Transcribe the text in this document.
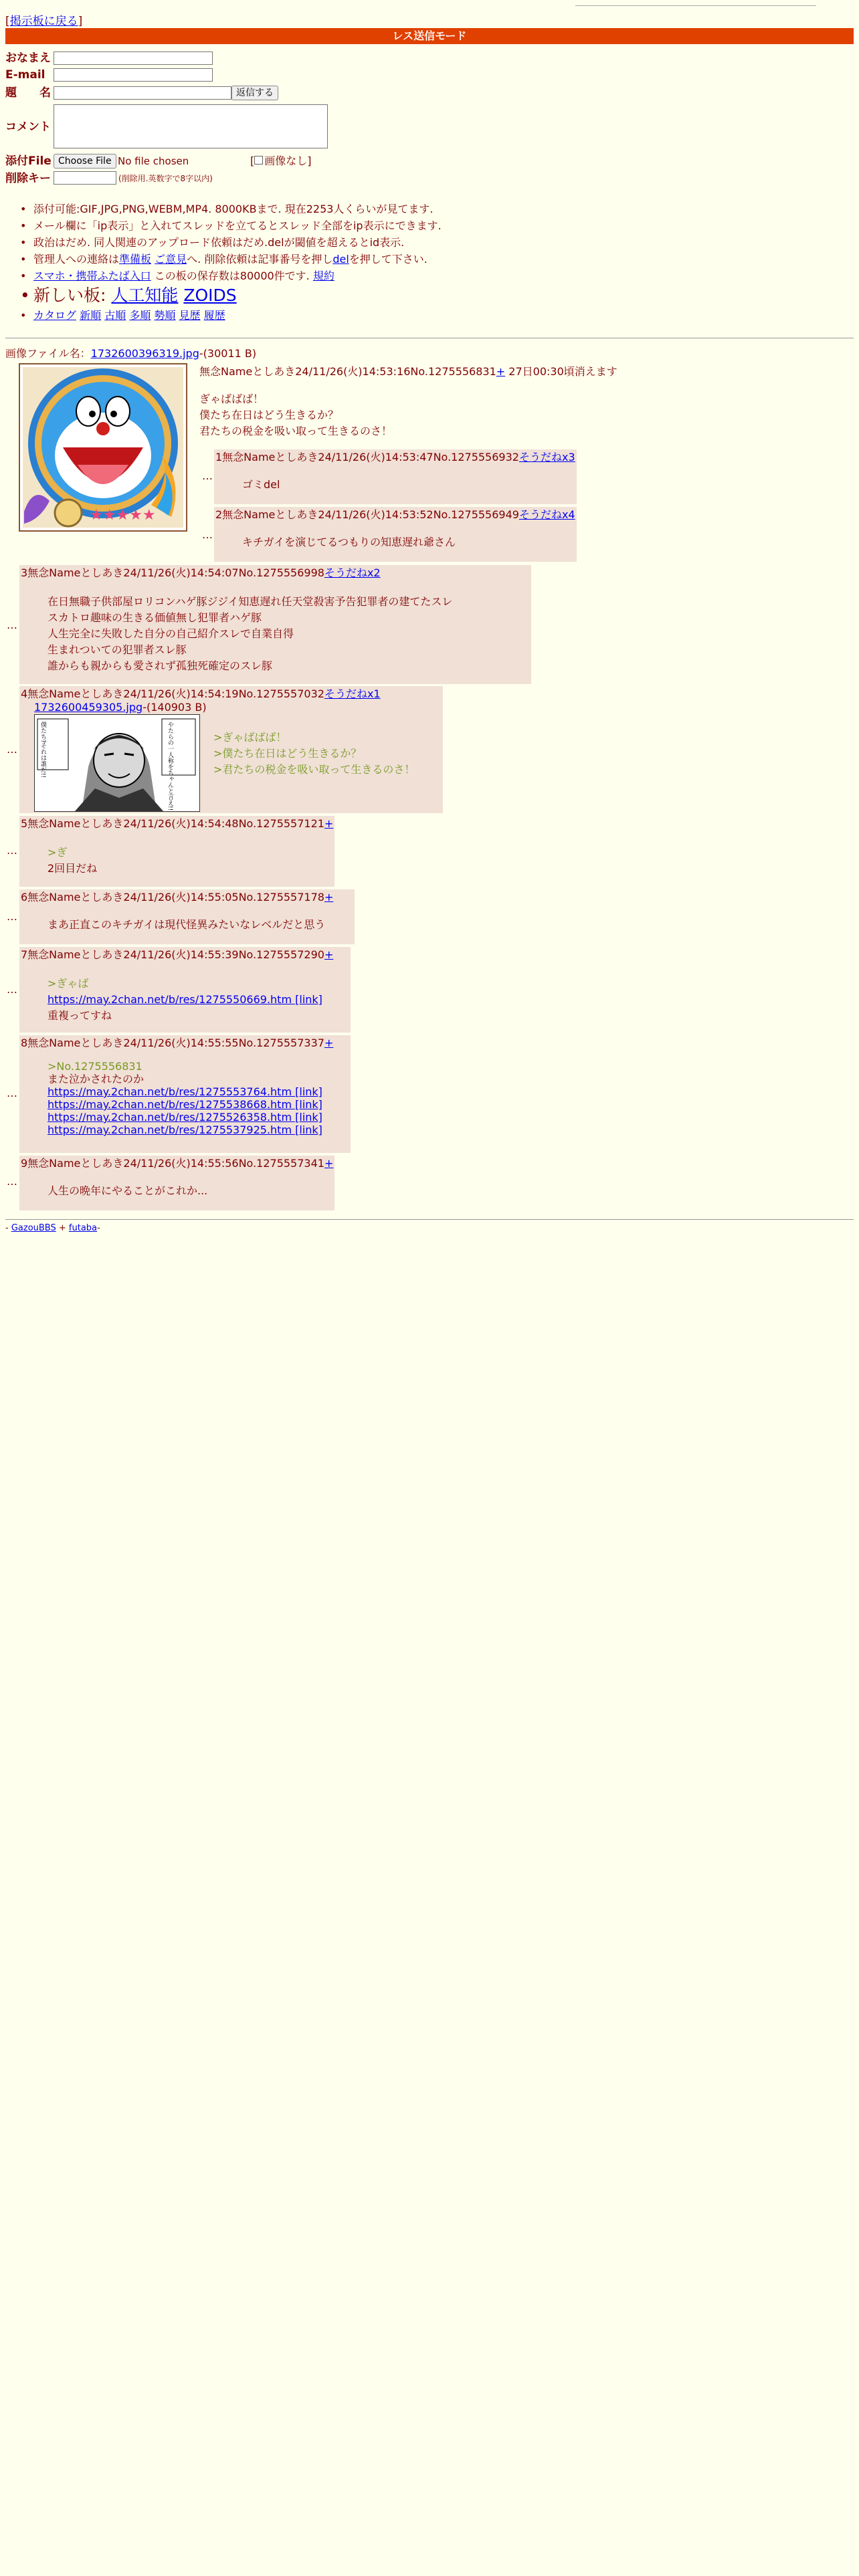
[掲示板に戻る]
レス送信モード
おなまえ
E-mail
題　　名	返信する
コメント
添付File Choose File No file chosen	[ 画像なし]
削除キー	(削除用.英数字で8字以内)
• 添付可能:GIF,JPG,PNG,WEBM,MP4. 8000KBまで. 現在2253人くらいが見てます.
• メール欄に「ip表示」と入れてスレッドを立てるとスレッド全部をip表示にできます.
• 政治はだめ. 同人関連のアップロード依頼はだめ.delが閾値を超えるとid表示.
• 管理人への連絡は準備板 ご意見へ. 削除依頼は記事番号を押しdelを押して下さい.
• スマホ・携帯ふたば入口 この板の保存数は80000件です. 規約
• 新しい板: 人工知能 ZOIDS
• カタログ 新順 古順 多順 勢順 見歴 履歴
画像ファイル名：1732600396319.jpg-(30011 B)
★★★★★
無念Nameとしあき24/11/26(火)14:53:16No.1275556831+ 27日00:30頃消えます
ぎゃばばば！
僕たち在日はどう生きるか？
君たちの税金を吸い取って生きるのさ！
…
1無念Nameとしあき24/11/26(火)14:53:47No.1275556932そうだねx3
ゴミdel
…
2無念Nameとしあき24/11/26(火)14:53:52No.1275556949そうだねx4
キチガイを演じてるつもりの知恵遅れ爺さん
…
3無念Nameとしあき24/11/26(火)14:54:07No.1275556998そうだねx2
在日無職子供部屋ロリコンハゲ豚ジジイ知恵遅れ任天堂殺害予告犯罪者の建てたスレ
スカトロ趣味の生きる価値無し犯罪者ハゲ豚
人生完全に失敗した自分の自己紹介スレで自業自得
生まれついての犯罪者スレ豚
誰からも親からも愛されず孤独死確定のスレ豚
…
4無念Nameとしあき24/11/26(火)14:54:19No.1275557032そうだねx1
1732600459305.jpg-(140903 B)
僕たち?それは誰だ!!	やたらの一人称をちゃんと言え!!
>ぎゃばばば！
>僕たち在日はどう生きるか？
>君たちの税金を吸い取って生きるのさ！
…
5無念Nameとしあき24/11/26(火)14:54:48No.1275557121+
>ぎ
2回目だね
…
6無念Nameとしあき24/11/26(火)14:55:05No.1275557178+
まあ正直このキチガイは現代怪異みたいなレベルだと思う
…
7無念Nameとしあき24/11/26(火)14:55:39No.1275557290+
>ぎゃば
https://may.2chan.net/b/res/1275550669.htm [link]
重複ってすね
…
8無念Nameとしあき24/11/26(火)14:55:55No.1275557337+
>No.1275556831
また泣かされたのか
https://may.2chan.net/b/res/1275553764.htm [link]
https://may.2chan.net/b/res/1275538668.htm [link]
https://may.2chan.net/b/res/1275526358.htm [link]
https://may.2chan.net/b/res/1275537925.htm [link]
…
9無念Nameとしあき24/11/26(火)14:55:56No.1275557341+
人生の晩年にやることがこれか...
- GazouBBS + futaba-
